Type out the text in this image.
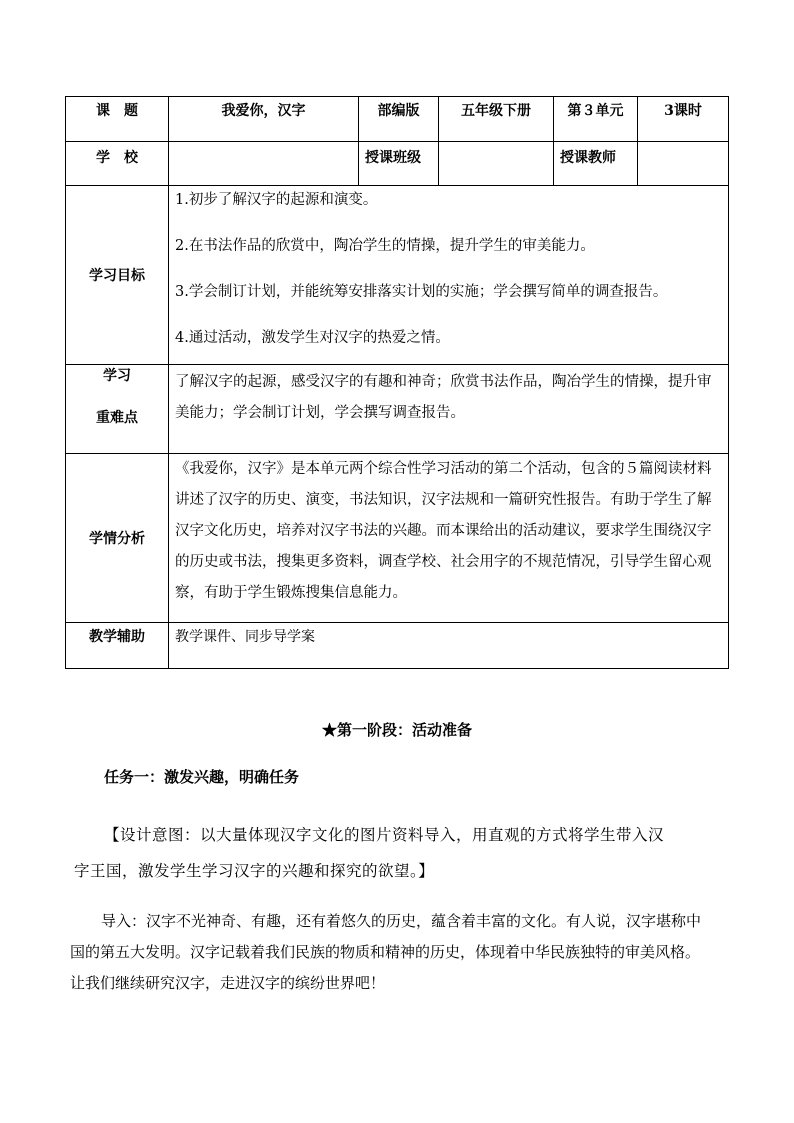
课　题	我爱你，汉字	部编版	五年级下册	第３单元	3课时
学　校		授课班级		授课教师	
学习目标	1.初步了解汉字的起源和演变。

2.在书法作品的欣赏中，陶冶学生的情操，提升学生的审美能力。

3.学会制订计划，并能统筹安排落实计划的实施；学会撰写简单的调查报告。

4.通过活动，激发学生对汉字的热爱之情。				

学习

重难点	了解汉字的起源，感受汉字的有趣和神奇；欣赏书法作品，陶冶学生的情操，提升审美能力；学会制订计划，学会撰写调查报告。				

学情分析	《我爱你，汉字》是本单元两个综合性学习活动的第二个活动，包含的５篇阅读材料讲述了汉字的历史、演变，书法知识，汉字法规和一篇研究性报告。有助于学生了解汉字文化历史，培养对汉字书法的兴趣。而本课给出的活动建议，要求学生围绕汉字的历史或书法，搜集更多资料，调查学校、社会用字的不规范情况，引导学生留心观察，有助于学生锻炼搜集信息能力。				

教学辅助	教学课件、同步导学案				
★第一阶段：活动准备
任务一：激发兴趣，明确任务
【设计意图：以大量体现汉字文化的图片资料导入，用直观的方式将学生带入汉
字王国，激发学生学习汉字的兴趣和探究的欲望。】
导入：汉字不光神奇、有趣，还有着悠久的历史，蕴含着丰富的文化。有人说，汉字堪称中
国的第五大发明。汉字记载着我们民族的物质和精神的历史，体现着中华民族独特的审美风格。
让我们继续研究汉字，走进汉字的缤纷世界吧！
